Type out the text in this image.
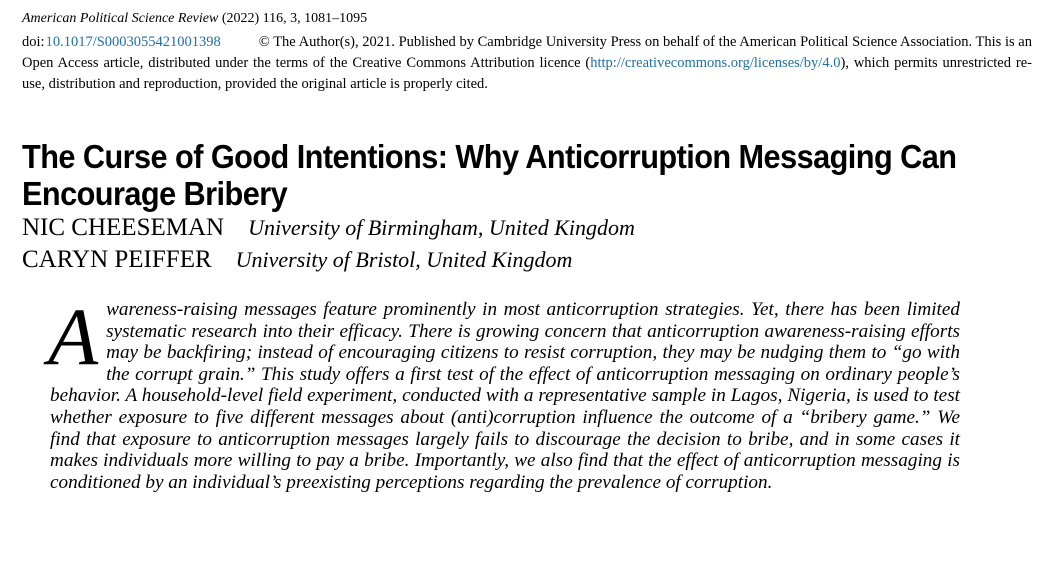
American Political Science Review (2022) 116, 3, 1081–1095

doi:10.1017/S0003055421001398	© The Author(s), 2021. Published by Cambridge University Press on behalf of the American Political Science Association. This is an Open Access article, distributed under the terms of the Creative Commons Attribution licence (http://creativecommons.org/licenses/by/4.0), which permits unrestricted re-use, distribution and reproduction, provided the original article is properly cited.

The Curse of Good Intentions: Why Anticorruption Messaging Can Encourage Bribery
NIC CHEESEMAN University of Birmingham, United Kingdom
CARYN PEIFFER University of Bristol, United Kingdom

Awareness-raising messages feature prominently in most anticorruption strategies. Yet, there has been limited systematic research into their efficacy. There is growing concern that anticorruption awareness-raising efforts may be backfiring; instead of encouraging citizens to resist corruption, they may be nudging them to “go with the corrupt grain.” This study offers a first test of the effect of anticorruption messaging on ordinary people’s behavior. A household-level field experiment, conducted with a representative sample in Lagos, Nigeria, is used to test whether exposure to five different messages about (anti)corruption influence the outcome of a “bribery game.” We find that exposure to anticorruption messages largely fails to discourage the decision to bribe, and in some cases it makes individuals more willing to pay a bribe. Importantly, we also find that the effect of anticorruption messaging is conditioned by an individual’s preexisting perceptions regarding the prevalence of corruption.
